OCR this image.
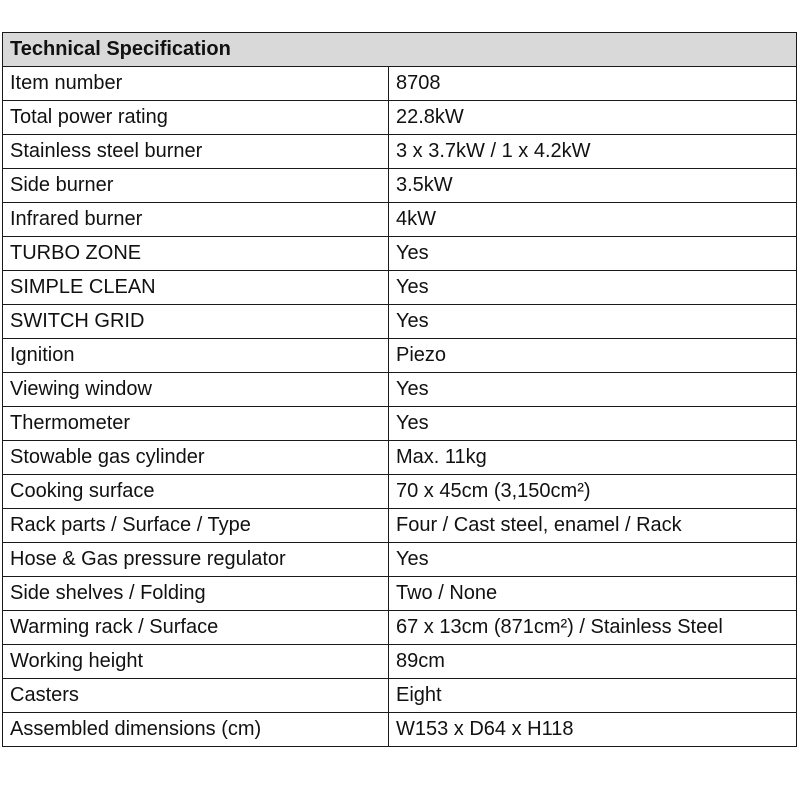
Technical Specification	
Item number	8708
Total power rating	22.8kW
Stainless steel burner	3 x 3.7kW / 1 x 4.2kW
Side burner	3.5kW
Infrared burner	4kW
TURBO ZONE	Yes
SIMPLE CLEAN	Yes
SWITCH GRID	Yes
Ignition	Piezo
Viewing window	Yes
Thermometer	Yes
Stowable gas cylinder	Max. 11kg
Cooking surface	70 x 45cm (3,150cm²)
Rack parts / Surface / Type	Four / Cast steel, enamel / Rack
Hose & Gas pressure regulator	Yes
Side shelves / Folding	Two / None
Warming rack / Surface	67 x 13cm (871cm²) / Stainless Steel
Working height	89cm
Casters	Eight
Assembled dimensions (cm)	W153 x D64 x H118
